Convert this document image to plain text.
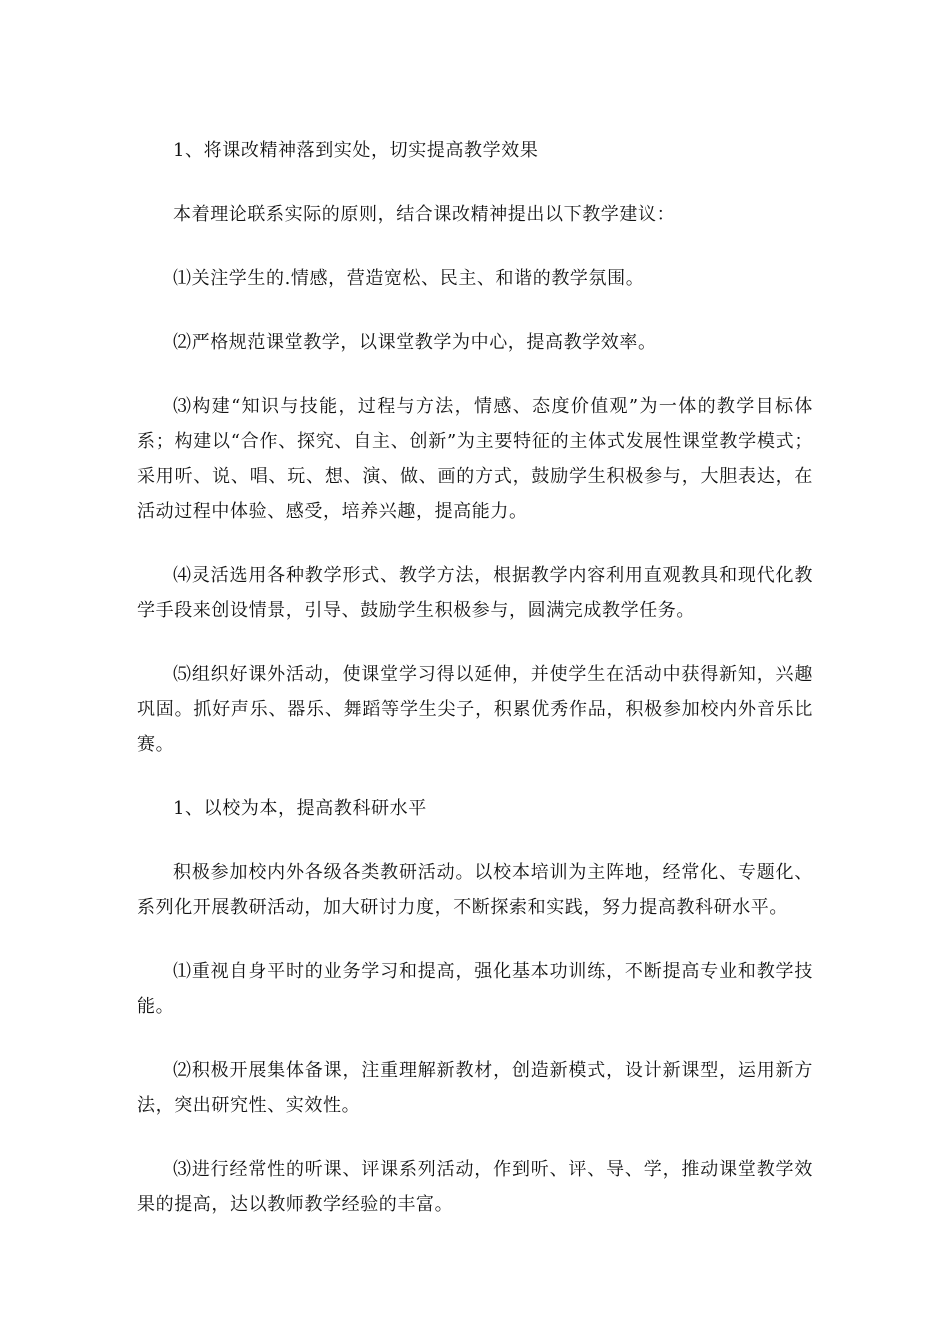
1、将课改精神落到实处，切实提高教学效果

本着理论联系实际的原则，结合课改精神提出以下教学建议：

⑴关注学生的.情感，营造宽松、民主、和谐的教学氛围。

⑵严格规范课堂教学，以课堂教学为中心，提高教学效率。

⑶构建“知识与技能，过程与方法，情感、态度价值观”为一体的教学目标体系；构建以“合作、探究、自主、创新”为主要特征的主体式发展性课堂教学模式；采用听、说、唱、玩、想、演、做、画的方式，鼓励学生积极参与，大胆表达，在活动过程中体验、感受，培养兴趣，提高能力。

⑷灵活选用各种教学形式、教学方法，根据教学内容利用直观教具和现代化教学手段来创设情景，引导、鼓励学生积极参与，圆满完成教学任务。

⑸组织好课外活动，使课堂学习得以延伸，并使学生在活动中获得新知，兴趣巩固。抓好声乐、器乐、舞蹈等学生尖子，积累优秀作品，积极参加校内外音乐比赛。

1、以校为本，提高教科研水平

积极参加校内外各级各类教研活动。以校本培训为主阵地，经常化、专题化、系列化开展教研活动，加大研讨力度，不断探索和实践，努力提高教科研水平。

⑴重视自身平时的业务学习和提高，强化基本功训练，不断提高专业和教学技能。

⑵积极开展集体备课，注重理解新教材，创造新模式，设计新课型，运用新方法，突出研究性、实效性。

⑶进行经常性的听课、评课系列活动，作到听、评、导、学，推动课堂教学效果的提高，达以教师教学经验的丰富。
